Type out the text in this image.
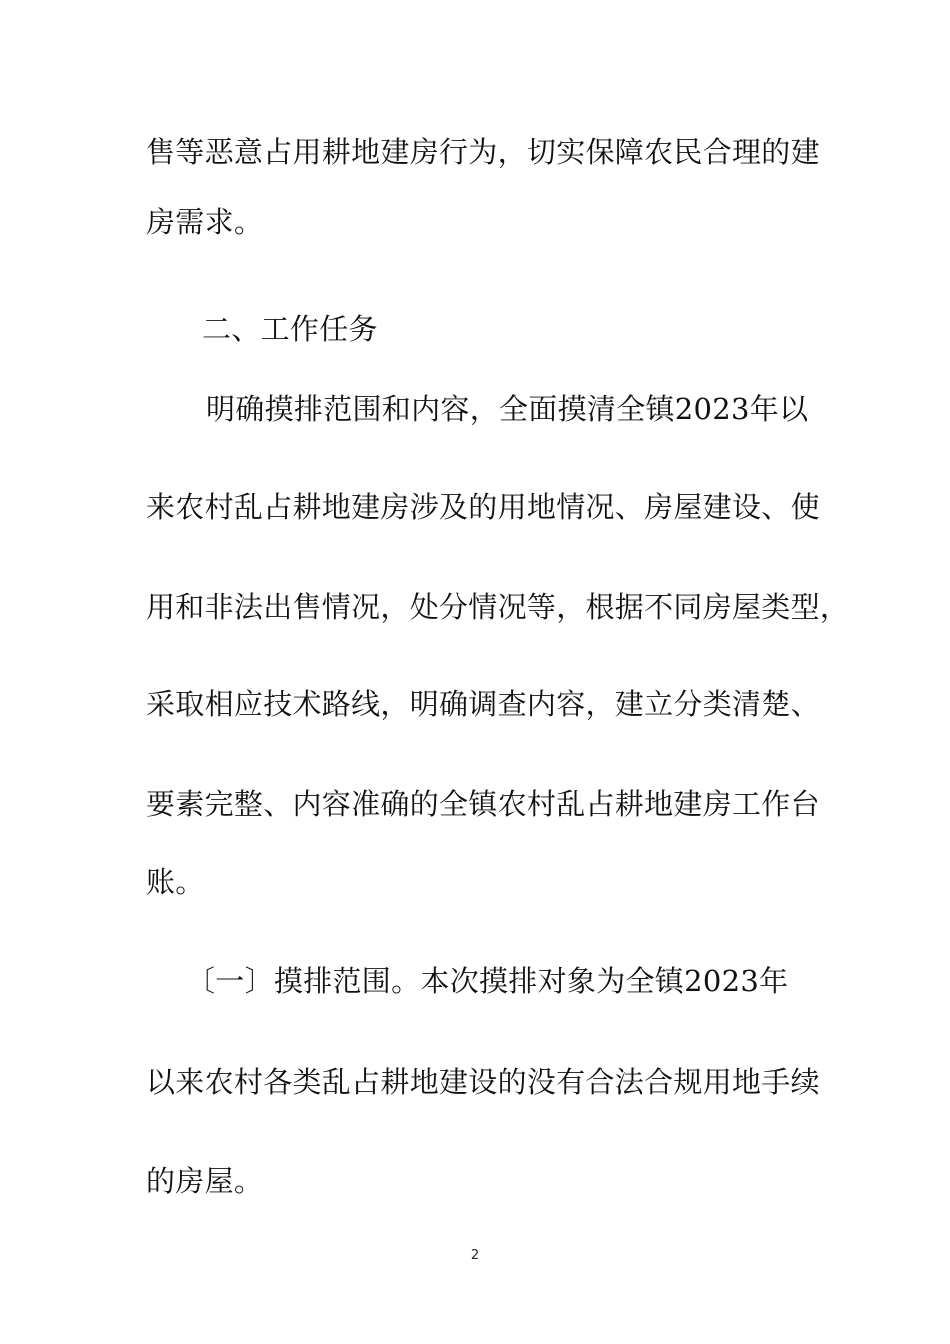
售等恶意占用耕地建房行为，切实保障农民合理的建
房需求。
二、工作任务
明确摸排范围和内容，全面摸清全镇2023年以
来农村乱占耕地建房涉及的用地情况、房屋建设、使
用和非法出售情况，处分情况等，根据不同房屋类型，
采取相应技术路线，明确调查内容，建立分类清楚、
要素完整、内容准确的全镇农村乱占耕地建房工作台
账。
〔一〕摸排范围。本次摸排对象为全镇2023年
以来农村各类乱占耕地建设的没有合法合规用地手续
的房屋。
2
